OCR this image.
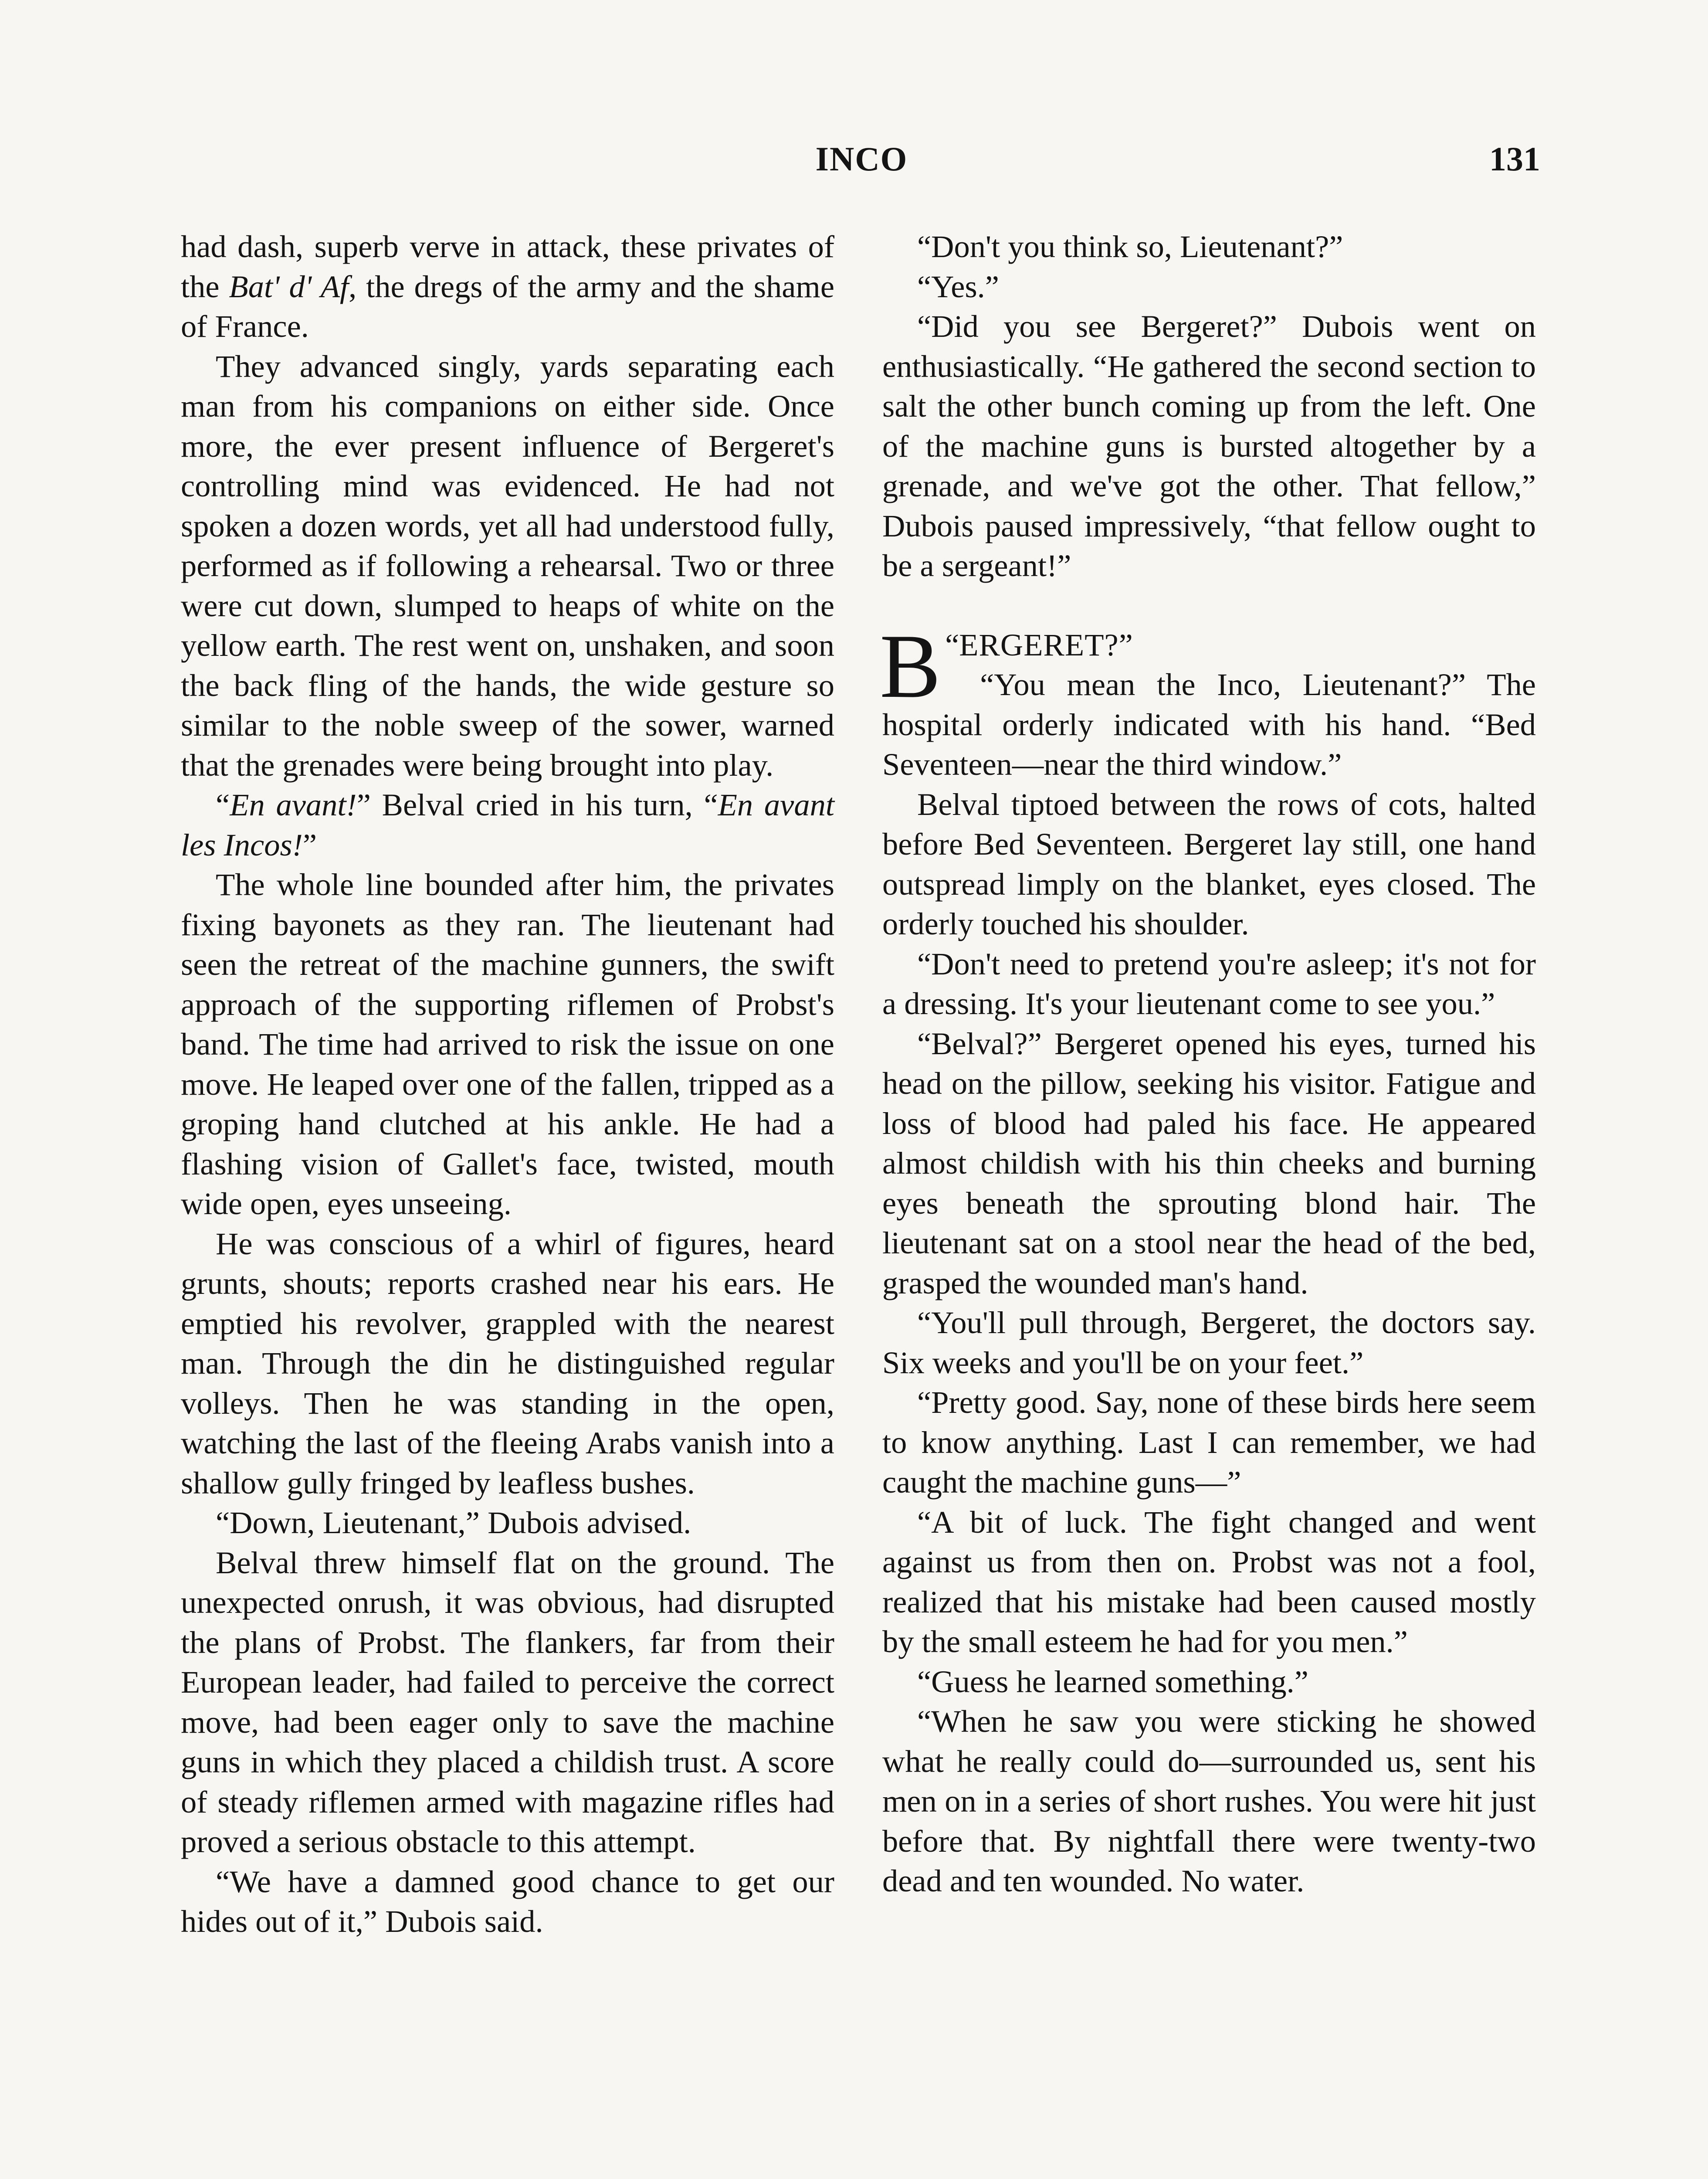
INCO	131

had dash, superb verve in attack, these privates of the Bat' d' Af, the dregs of the army and the shame of France.

They advanced singly, yards separating each man from his companions on either side. Once more, the ever present influence of Bergeret's controlling mind was evidenced. He had not spoken a dozen words, yet all had understood fully, performed as if following a rehearsal. Two or three were cut down, slumped to heaps of white on the yellow earth. The rest went on, unshaken, and soon the back fling of the hands, the wide gesture so similar to the noble sweep of the sower, warned that the grenades were being brought into play.

“En avant!” Belval cried in his turn, “En avant les Incos!”

The whole line bounded after him, the privates fixing bayonets as they ran. The lieutenant had seen the retreat of the machine gunners, the swift approach of the supporting riflemen of Probst's band. The time had arrived to risk the issue on one move. He leaped over one of the fallen, tripped as a groping hand clutched at his ankle. He had a flashing vision of Gallet's face, twisted, mouth wide open, eyes unseeing.

He was conscious of a whirl of figures, heard grunts, shouts; reports crashed near his ears. He emptied his revolver, grappled with the nearest man. Through the din he distinguished regular volleys. Then he was standing in the open, watching the last of the fleeing Arabs vanish into a shallow gully fringed by leafless bushes.

“Down, Lieutenant,” Dubois advised.

Belval threw himself flat on the ground. The unexpected onrush, it was obvious, had disrupted the plans of Probst. The flankers, far from their European leader, had failed to perceive the correct move, had been eager only to save the machine guns in which they placed a childish trust. A score of steady riflemen armed with magazine rifles had proved a serious obstacle to this attempt.

“We have a damned good chance to get our hides out of it,” Dubois said.

“Don't you think so, Lieutenant?”

“Yes.”

“Did you see Bergeret?” Dubois went on enthusiastically. “He gathered the second section to salt the other bunch coming up from the left. One of the machine guns is bursted altogether by a grenade, and we've got the other. That fellow,” Dubois paused impressively, “that fellow ought to be a sergeant!”

“
B ERGERET?”
“You mean the Inco, Lieutenant?” The hospital orderly indicated with his hand. “Bed Seventeen—near the third window.”

Belval tiptoed between the rows of cots, halted before Bed Seventeen. Bergeret lay still, one hand outspread limply on the blanket, eyes closed. The orderly touched his shoulder.

“Don't need to pretend you're asleep; it's not for a dressing. It's your lieutenant come to see you.”

“Belval?” Bergeret opened his eyes, turned his head on the pillow, seeking his visitor. Fatigue and loss of blood had paled his face. He appeared almost childish with his thin cheeks and burning eyes beneath the sprouting blond hair. The lieutenant sat on a stool near the head of the bed, grasped the wounded man's hand.

“You'll pull through, Bergeret, the doctors say. Six weeks and you'll be on your feet.”

“Pretty good. Say, none of these birds here seem to know anything. Last I can remember, we had caught the machine guns—”

“A bit of luck. The fight changed and went against us from then on. Probst was not a fool, realized that his mistake had been caused mostly by the small esteem he had for you men.”

“Guess he learned something.”

“When he saw you were sticking he showed what he really could do—surrounded us, sent his men on in a series of short rushes. You were hit just before that. By nightfall there were twenty-two dead and ten wounded. No water.
